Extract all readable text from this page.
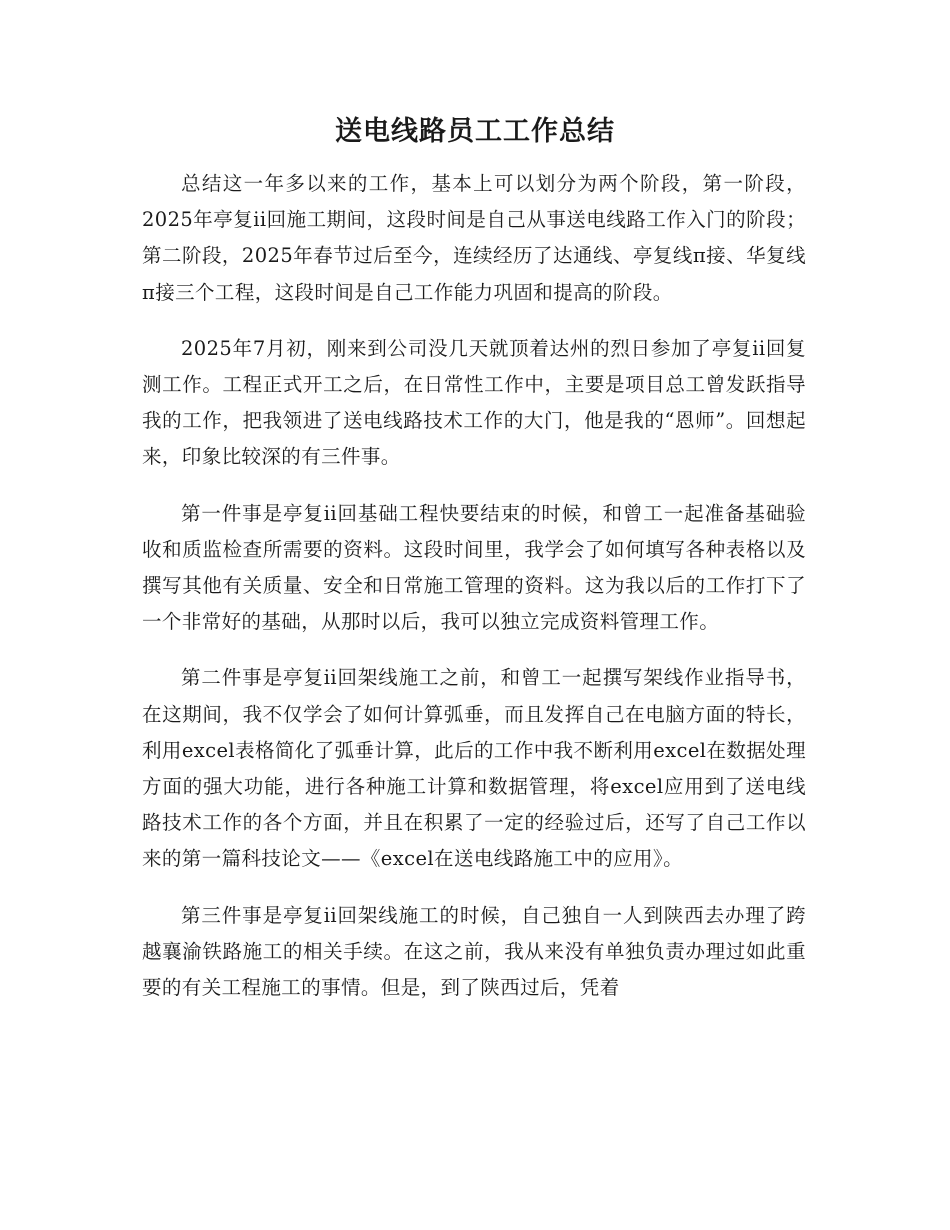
送电线路员工工作总结

总结这一年多以来的工作，基本上可以划分为两个阶段，第一阶段，2025年亭复ii回施工期间，这段时间是自己从事送电线路工作入门的阶段；第二阶段，2025年春节过后至今，连续经历了达通线、亭复线π接、华复线π接三个工程，这段时间是自己工作能力巩固和提高的阶段。

2025年7月初，刚来到公司没几天就顶着达州的烈日参加了亭复ii回复测工作。工程正式开工之后，在日常性工作中，主要是项目总工曾发跃指导我的工作，把我领进了送电线路技术工作的大门，他是我的“恩师”。回想起来，印象比较深的有三件事。

第一件事是亭复ii回基础工程快要结束的时候，和曾工一起准备基础验收和质监检查所需要的资料。这段时间里，我学会了如何填写各种表格以及撰写其他有关质量、安全和日常施工管理的资料。这为我以后的工作打下了一个非常好的基础，从那时以后，我可以独立完成资料管理工作。

第二件事是亭复ii回架线施工之前，和曾工一起撰写架线作业指导书，在这期间，我不仅学会了如何计算弧垂，而且发挥自己在电脑方面的特长，利用excel表格简化了弧垂计算，此后的工作中我不断利用excel在数据处理方面的强大功能，进行各种施工计算和数据管理，将excel应用到了送电线路技术工作的各个方面，并且在积累了一定的经验过后，还写了自己工作以来的第一篇科技论文——《excel在送电线路施工中的应用》。

第三件事是亭复ii回架线施工的时候，自己独自一人到陕西去办理了跨越襄渝铁路施工的相关手续。在这之前，我从来没有单独负责办理过如此重要的有关工程施工的事情。但是，到了陕西过后，凭着
